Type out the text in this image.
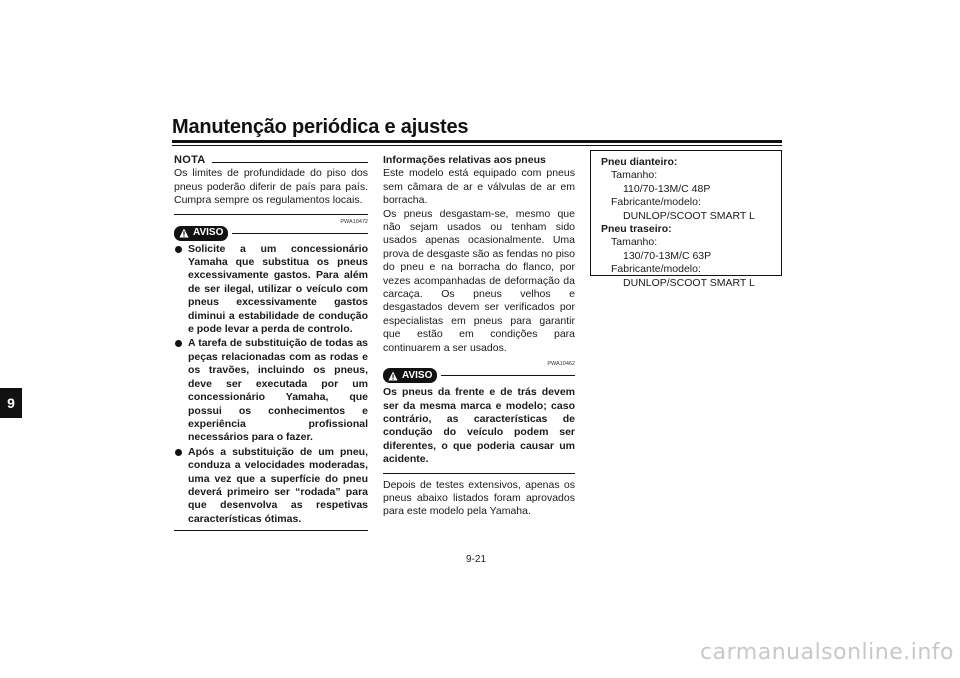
Manutenção periódica e ajustes
9
NOTA

Os limites de profundidade do piso dos pneus poderão diferir de país para país. Cumpra sempre os regulamentos locais.

PWA10472
AVISO
Solicite a um concessionário Yamaha que substitua os pneus excessivamente gastos. Para além de ser ilegal, utilizar o veículo com pneus excessivamente gastos diminui a estabilidade de condução e pode levar a perda de controlo.
A tarefa de substituição de todas as peças relacionadas com as rodas e os travões, incluindo os pneus, deve ser executada por um concessionário Yamaha, que possui os conhecimentos e experiência profissional necessários para o fazer.
Após a substituição de um pneu, conduza a velocidades moderadas, uma vez que a superfície do pneu deverá primeiro ser “rodada” para que desenvolva as respetivas características ótimas.
Informações relativas aos pneus

Este modelo está equipado com pneus sem câmara de ar e válvulas de ar em borracha.

Os pneus desgastam-se, mesmo que não sejam usados ou tenham sido usados apenas ocasionalmente. Uma prova de desgaste são as fendas no piso do pneu e na borracha do flanco, por vezes acompanhadas de deformação da carcaça. Os pneus velhos e desgastados devem ser verificados por especialistas em pneus para garantir que estão em condições para continuarem a ser usados.

PWA10462
AVISO

Os pneus da frente e de trás devem ser da mesma marca e modelo; caso contrário, as características de condução do veículo podem ser diferentes, o que poderia causar um acidente.

Depois de testes extensivos, apenas os pneus abaixo listados foram aprovados para este modelo pela Yamaha.

Pneu dianteiro:
Tamanho:
110/70-13M/C 48P
Fabricante/modelo:
DUNLOP/SCOOT SMART L
Pneu traseiro:
Tamanho:
130/70-13M/C 63P
Fabricante/modelo:
DUNLOP/SCOOT SMART L
9-21
carmanualsonline.info
